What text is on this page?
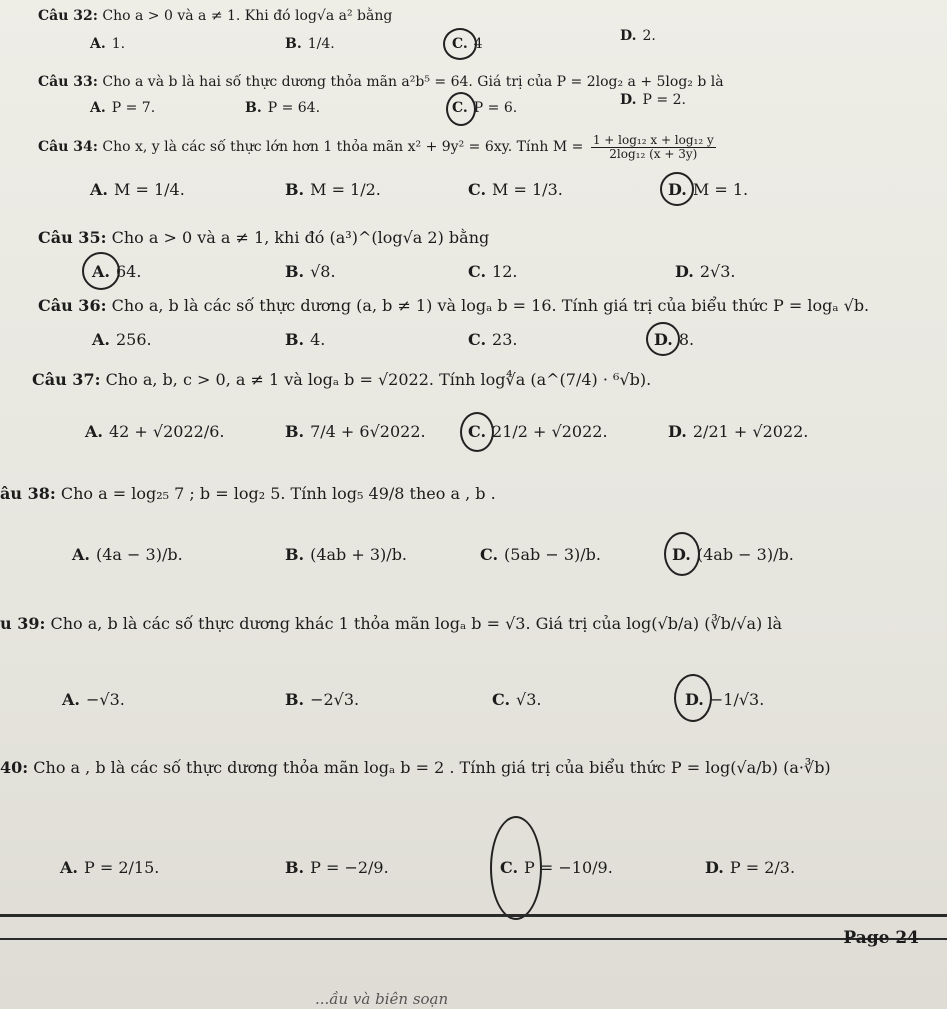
Câu 32: Cho a > 0 và a ≠ 1. Khi đó log√a a² bằng
A. 1.	B. 1/4.	C. 4	D. 2.
Câu 33: Cho a và b là hai số thực dương thỏa mãn a²b⁵ = 64. Giá trị của P = 2log₂ a + 5log₂ b là
A. P = 7.	B. P = 64.	C. P = 6.	D. P = 2.
Câu 34: Cho x, y là các số thực lớn hơn 1 thỏa mãn x² + 9y² = 6xy. Tính $M = \frac{\text{1 + log₁₂ x + log₁₂ y}}{\text{2log₁₂ (x + 3y)}}$
A. M = 1/4.	B. M = 1/2.	C. M = 1/3.	D. M = 1.
Câu 35: Cho a > 0 và a ≠ 1, khi đó (a³)^(log√a 2) bằng
A. 64.	B. √8.	C. 12.	D. 2√3.
Câu 36: Cho a, b là các số thực dương (a, b ≠ 1) và logₐ b = 16. Tính giá trị của biểu thức P = logₐ √b.
A. 256.	B. 4.	C. 23.	D. 8.
Câu 37: Cho a, b, c > 0, a ≠ 1 và logₐ b = √2022. Tính log∜a (a^(7/4) · ⁶√b).
A. 42 + √2022/6.	B. 7/4 + 6√2022.	C. 21/2 + √2022.	D. 2/21 + √2022.
âu 38: Cho a = log₂₅ 7 ; b = log₂ 5. Tính log₅ 49/8 theo a , b .
A. (4a − 3)/b.	B. (4ab + 3)/b.	C. (5ab − 3)/b.	D. (4ab − 3)/b.
u 39: Cho a, b là các số thực dương khác 1 thỏa mãn logₐ b = √3. Giá trị của log(√b/a) (∛b/√a) là
A. −√3.	B. −2√3.	C. √3.	D. −1/√3.
40: Cho a , b là các số thực dương thỏa mãn logₐ b = 2 . Tính giá trị của biểu thức P = log(√a/b) (a·∛b)
A. P = 2/15.	B. P = −2/9.	C. P = −10/9.	D. P = 2/3.
Page 24
...ầu và biên soạn
